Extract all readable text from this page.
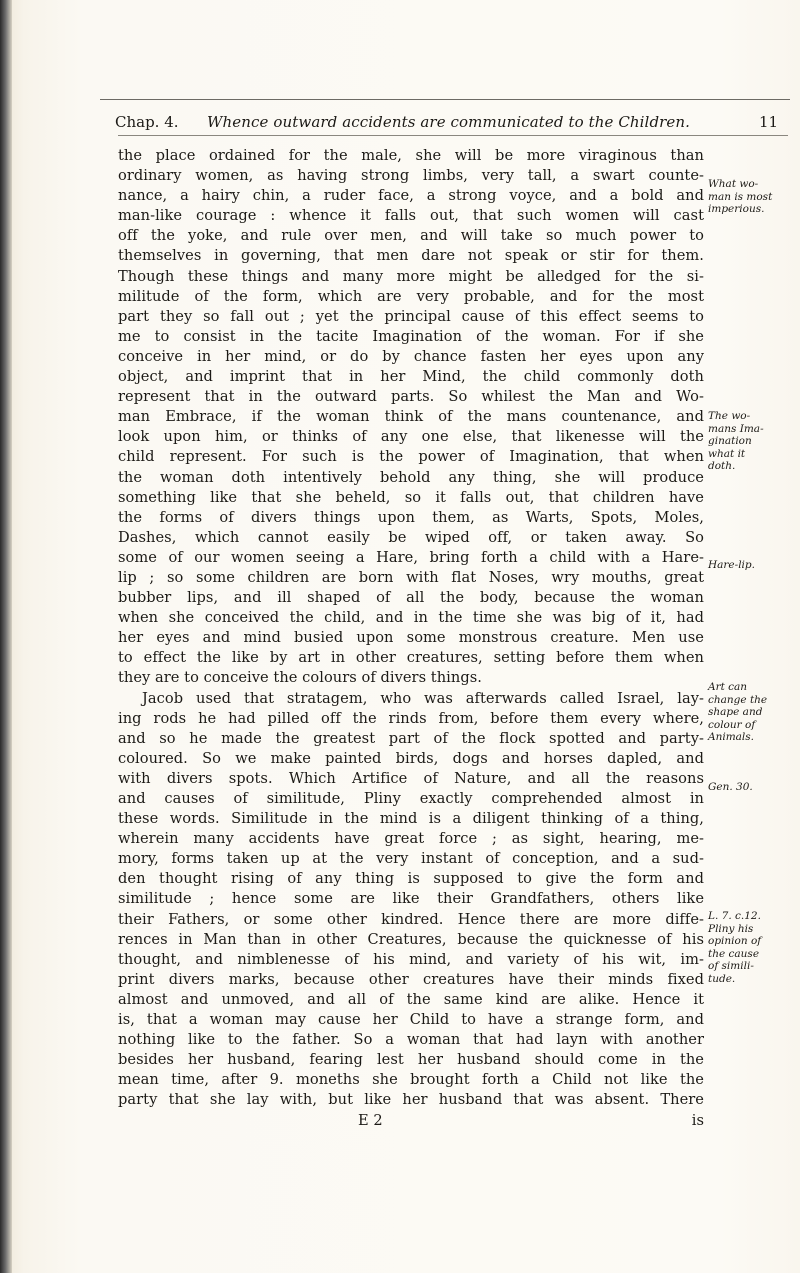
Chap. 4. Whence outward accidents are communicated to the Children.	11
the place ordained for the male, she will be more viraginous than
ordinary women, as having strong limbs, very tall, a swart counte-
nance, a hairy chin, a ruder face, a strong voyce, and a bold and
man-like courage : whence it falls out, that such women will cast
off the yoke, and rule over men, and will take so much power to
themselves in governing, that men dare not speak or stir for them.
Though these things and many more might be alledged for the si-
militude of the form, which are very probable, and for the most
part they so fall out ; yet the principal cause of this effect seems to
me to consist in the tacite Imagination of the woman. For if she
conceive in her mind, or do by chance fasten her eyes upon any
object, and imprint that in her Mind, the child commonly doth
represent that in the outward parts. So whilest the Man and Wo-
man Embrace, if the woman think of the mans countenance, and
look upon him, or thinks of any one else, that likenesse will the
child represent. For such is the power of Imagination, that when
the woman doth intentively behold any thing, she will produce
something like that she beheld, so it falls out, that children have
the forms of divers things upon them, as Warts, Spots, Moles,
Dashes, which cannot easily be wiped off, or taken away. So
some of our women seeing a Hare, bring forth a child with a Hare-
lip ; so some children are born with flat Noses, wry mouths, great
bubber lips, and ill shaped of all the body, because the woman
when she conceived the child, and in the time she was big of it, had
her eyes and mind busied upon some monstrous creature. Men use
to effect the like by art in other creatures, setting before them when
they are to conceive the colours of divers things.
Jacob used that stratagem, who was afterwards called Israel, lay-
ing rods he had pilled off the rinds from, before them every where,
and so he made the greatest part of the flock spotted and party-
coloured. So we make painted birds, dogs and horses dapled, and
with divers spots. Which Artifice of Nature, and all the reasons
and causes of similitude, Pliny exactly comprehended almost in
these words. Similitude in the mind is a diligent thinking of a thing,
wherein many accidents have great force ; as sight, hearing, me-
mory, forms taken up at the very instant of conception, and a sud-
den thought rising of any thing is supposed to give the form and
similitude ; hence some are like their Grandfathers, others like
their Fathers, or some other kindred. Hence there are more diffe-
rences in Man than in other Creatures, because the quicknesse of his
thought, and nimblenesse of his mind, and variety of his wit, im-
print divers marks, because other creatures have their minds fixed
almost and unmoved, and all of the same kind are alike. Hence it
is, that a woman may cause her Child to have a strange form, and
nothing like to the father. So a woman that had layn with another
besides her husband, fearing lest her husband should come in the
mean time, after 9. moneths she brought forth a Child not like the
party that she lay with, but like her husband that was absent. There
E 2	is
What wo-
man is most
imperious.
The wo-
mans Ima-
gination
what it
doth.
Hare-lip.
Art can
change the
shape and
colour of
Animals.
Gen. 30.
L. 7. c.12.
Pliny his
opinion of
the cause
of simili-
tude.
